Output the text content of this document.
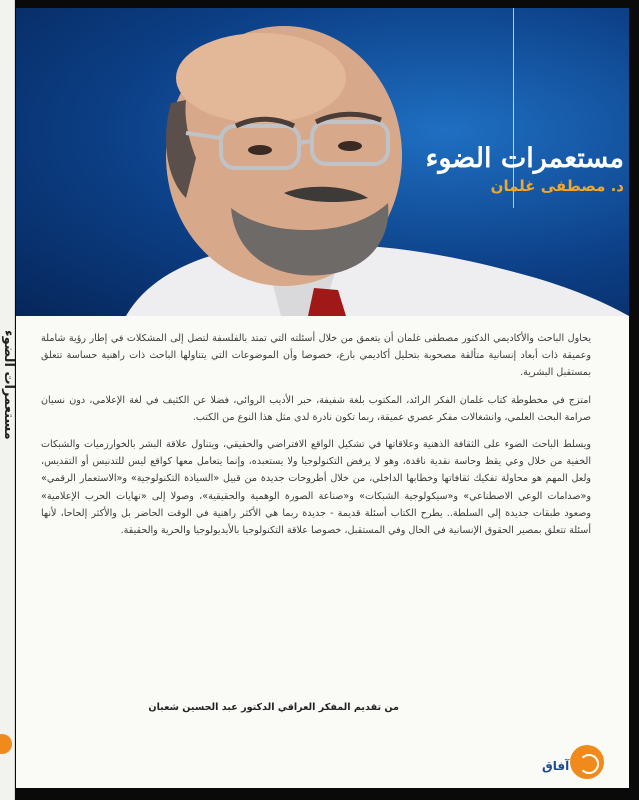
مستعمرات الضوء
مستعمرات الضوء
د. مصطفى غلمان

يحاول الباحث والأكاديمي الدكتور مصطفى غلمان أن يتعمق من خلال أسئلته التي تمتد بالفلسفة لتصل إلى المشكلات في إطار رؤية شاملة وعميقة ذات أبعاد إنسانية متألقة مصحوبة بتحليل أكاديمي بارع، خصوصا وأن الموضوعات التي يتناولها الباحث ذات راهنية حساسة تتعلق بمستقبل البشرية.

امتزج في مخطوطة كتاب غلمان الفكر الرائد، المكتوب بلغة شفيفة، حبر الأديب الروائي، فضلا عن الكثيف في لغة الإعلامي، دون نسيان صرامة البحث العلمي، وانشغالات مفكر عصري عميقة، ربما تكون نادرة لدى مثل هذا النوع من الكتب.

ويسلط الباحث الضوء على الثقافة الذهنية وعلاقاتها في تشكيل الواقع الافتراضي والحقيقي، ويتناول علاقة البشر بالخوارزميات والشبكات الخفية من خلال وعي يقظ وحاسة نقدية ناقدة، وهو لا يرفض التكنولوجيا ولا يستعبده، وإنما يتعامل معها كواقع ليس للتدنيس أو التقديس، ولعل المهم هو محاولة تفكيك ثقافاتها وخطابها الداخلي، من خلال أطروحات جديدة من قبيل «السيادة التكنولوجية» و«الاستعمار الرقمي» و«صدامات الوعي الاصطناعي» و«سيكولوجية الشبكات» و«صناعة الصورة الوهمية والحقيقية»، وصولا إلى «نهايات الحرب الإعلامية» وصعود طبقات جديدة إلى السلطة.. يطرح الكتاب أسئلة قديمة - جديدة ربما هي الأكثر راهنية في الوقت الحاضر بل والأكثر إلحاحا، لأنها أسئلة تتعلق بمصير الحقوق الإنسانية في الحال وفي المستقبل، خصوصا علاقة التكنولوجيا بالأيديولوجيا والحرية والحقيقة.

من تقديم المفكر العراقي الدكتور عبد الحسين شعبان
آفاق
